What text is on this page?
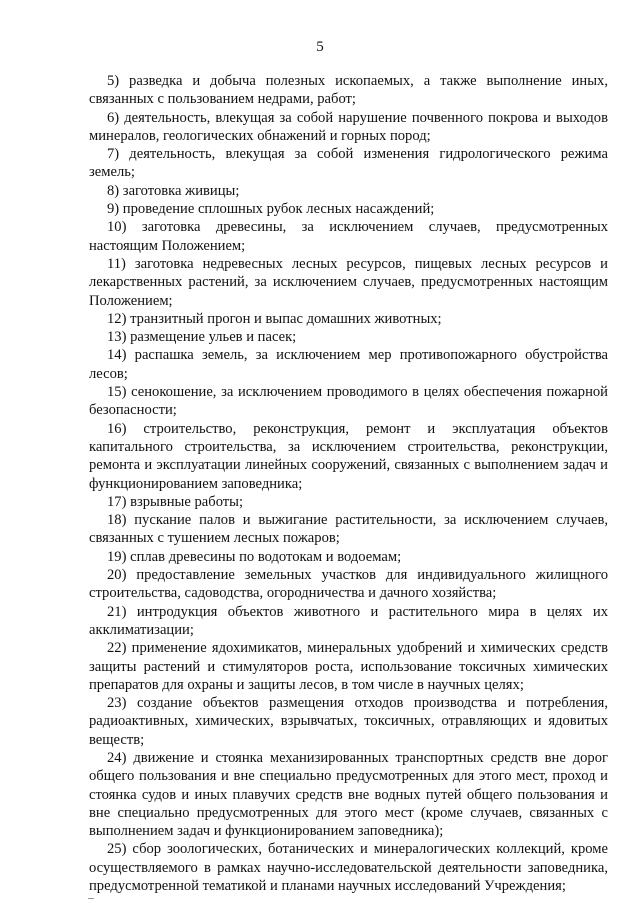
5

5) разведка и добыча полезных ископаемых, а также выполнение иных, связанных с пользованием недрами, работ;

6) деятельность, влекущая за собой нарушение почвенного покрова и выходов минералов, геологических обнажений и горных пород;

7) деятельность, влекущая за собой изменения гидрологического режима земель;

8) заготовка живицы;

9) проведение сплошных рубок лесных насаждений;

10) заготовка древесины, за исключением случаев, предусмотренных настоящим Положением;

11) заготовка недревесных лесных ресурсов, пищевых лесных ресурсов и лекарственных растений, за исключением случаев, предусмотренных настоящим Положением;

12) транзитный прогон и выпас домашних животных;

13) размещение ульев и пасек;

14) распашка земель, за исключением мер противопожарного обустройства лесов;

15) сенокошение, за исключением проводимого в целях обеспечения пожарной безопасности;

16) строительство, реконструкция, ремонт и эксплуатация объектов капитального строительства, за исключением строительства, реконструкции, ремонта и эксплуатации линейных сооружений, связанных с выполнением задач и функционированием заповедника;

17) взрывные работы;

18) пускание палов и выжигание растительности, за исключением случаев, связанных с тушением лесных пожаров;

19) сплав древесины по водотокам и водоемам;

20) предоставление земельных участков для индивидуального жилищного строительства, садоводства, огородничества и дачного хозяйства;

21) интродукция объектов животного и растительного мира в целях их акклиматизации;

22) применение ядохимикатов, минеральных удобрений и химических средств защиты растений и стимуляторов роста, использование токсичных химических препаратов для охраны и защиты лесов, в том числе в научных целях;

23) создание объектов размещения отходов производства и потребления, радиоактивных, химических, взрывчатых, токсичных, отравляющих и ядовитых веществ;

24) движение и стоянка механизированных транспортных средств вне дорог общего пользования и вне специально предусмотренных для этого мест, проход и стоянка судов и иных плавучих средств вне водных путей общего пользования и вне специально предусмотренных для этого мест (кроме случаев, связанных с выполнением задач и функционированием заповедника);

25) сбор зоологических, ботанических и минералогических коллекций, кроме осуществляемого в рамках научно-исследовательской деятельности заповедника, предусмотренной тематикой и планами научных исследований Учреждения;
